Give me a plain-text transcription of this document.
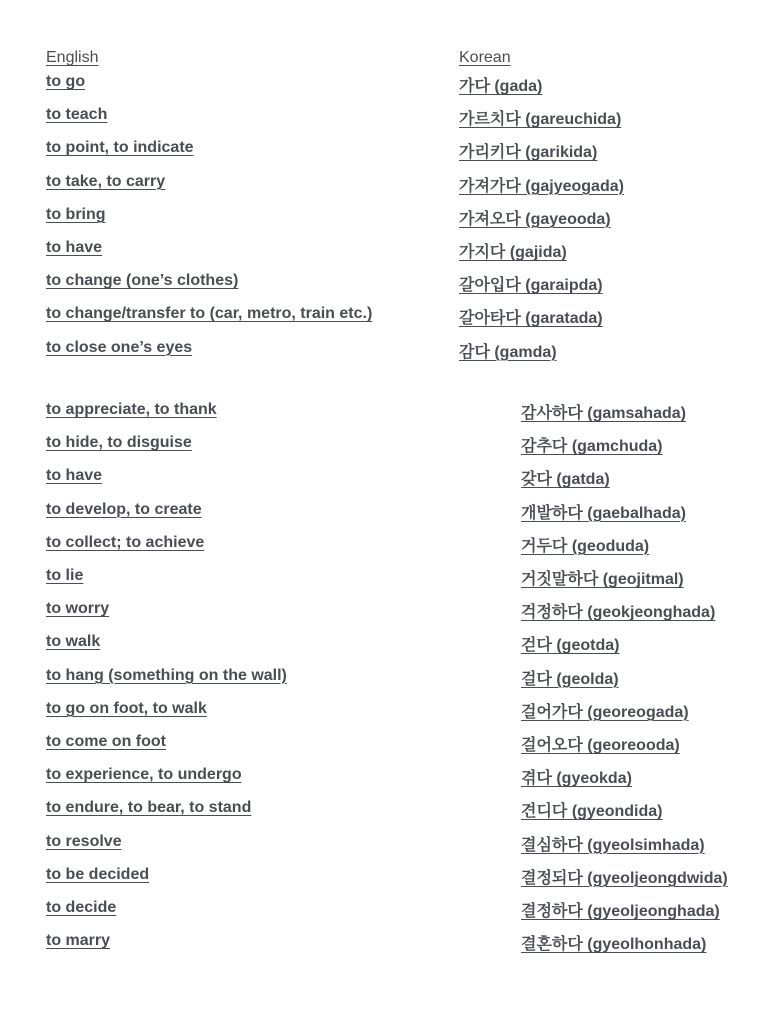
English	Korean
to go
to teach
to point, to indicate
to take, to carry
to bring
to have
to change (one’s clothes)
to change/transfer to (car, metro, train etc.)
to close one’s eyes
가다 (gada)
가르치다 (gareuchida)
가리키다 (garikida)
가져가다 (gajyeogada)
가져오다 (gayeooda)
가지다 (gajida)
갈아입다 (garaipda)
갈아타다 (garatada)
감다 (gamda)
to appreciate, to thank
to hide, to disguise
to have
to develop, to create
to collect; to achieve
to lie
to worry
to walk
to hang (something on the wall)
to go on foot, to walk
to come on foot
to experience, to undergo
to endure, to bear, to stand
to resolve
to be decided
to decide
to marry
감사하다 (gamsahada)
감추다 (gamchuda)
갖다 (gatda)
개발하다 (gaebalhada)
거두다 (geoduda)
거짓말하다 (geojitmal)
걱정하다 (geokjeonghada)
걷다 (geotda)
걸다 (geolda)
걸어가다 (georeogada)
걸어오다 (georeooda)
겪다 (gyeokda)
견디다 (gyeondida)
결심하다 (gyeolsimhada)
결정되다 (gyeoljeongdwida)
결정하다 (gyeoljeonghada)
결혼하다 (gyeolhonhada)
